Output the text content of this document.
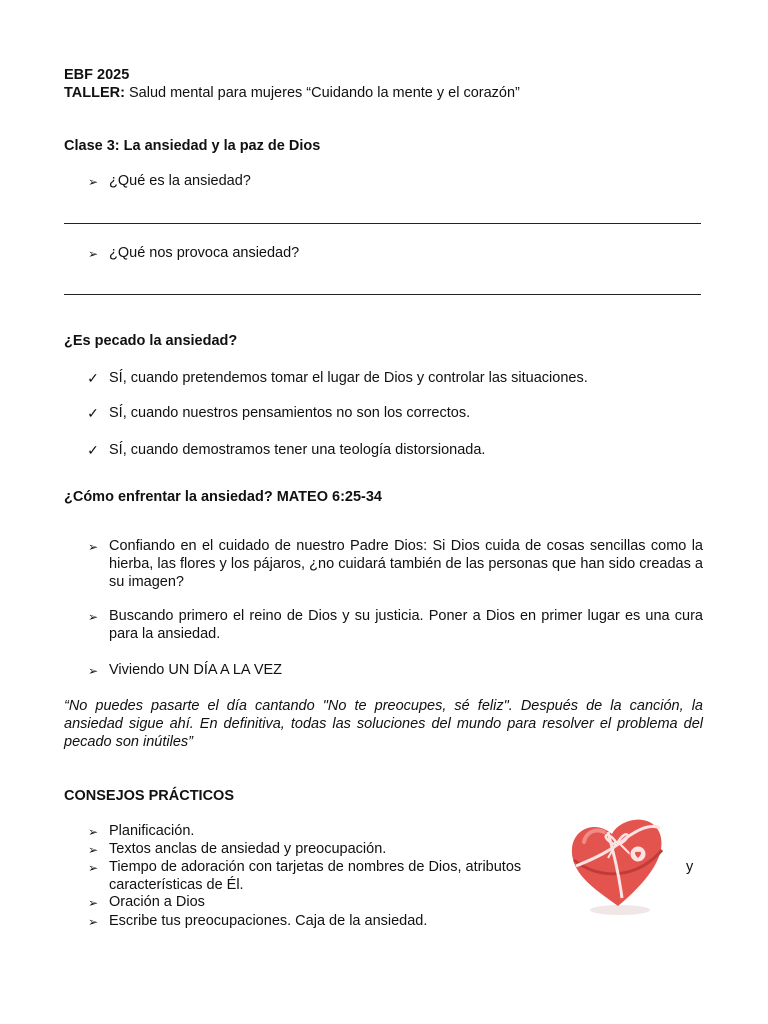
EBF 2025
TALLER: Salud mental para mujeres “Cuidando la mente y el corazón”
Clase 3: La ansiedad y la paz de Dios
➢ ¿Qué es la ansiedad?
➢ ¿Qué nos provoca ansiedad?
¿Es pecado la ansiedad?
✓ SÍ, cuando pretendemos tomar el lugar de Dios y controlar las situaciones.
✓ SÍ, cuando nuestros pensamientos no son los correctos.
✓ SÍ, cuando demostramos tener una teología distorsionada.
¿Cómo enfrentar la ansiedad? MATEO 6:25-34
➢ Confiando en el cuidado de nuestro Padre Dios: Si Dios cuida de cosas sencillas como la hierba, las flores y los pájaros, ¿no cuidará también de las personas que han sido creadas a su imagen?
➢ Buscando primero el reino de Dios y su justicia. Poner a Dios en primer lugar es una cura para la ansiedad.
➢ Viviendo UN DÍA A LA VEZ
“No puedes pasarte el día cantando "No te preocupes, sé feliz". Después de la canción, la ansiedad sigue ahí. En definitiva, todas las soluciones del mundo para resolver el problema del pecado son inútiles”
CONSEJOS PRÁCTICOS
➢ Planificación.
➢ Textos anclas de ansiedad y preocupación.
➢ Tiempo de adoración con tarjetas de nombres de Dios, atributos	y
características de Él.
➢ Oración a Dios
➢ Escribe tus preocupaciones. Caja de la ansiedad.
